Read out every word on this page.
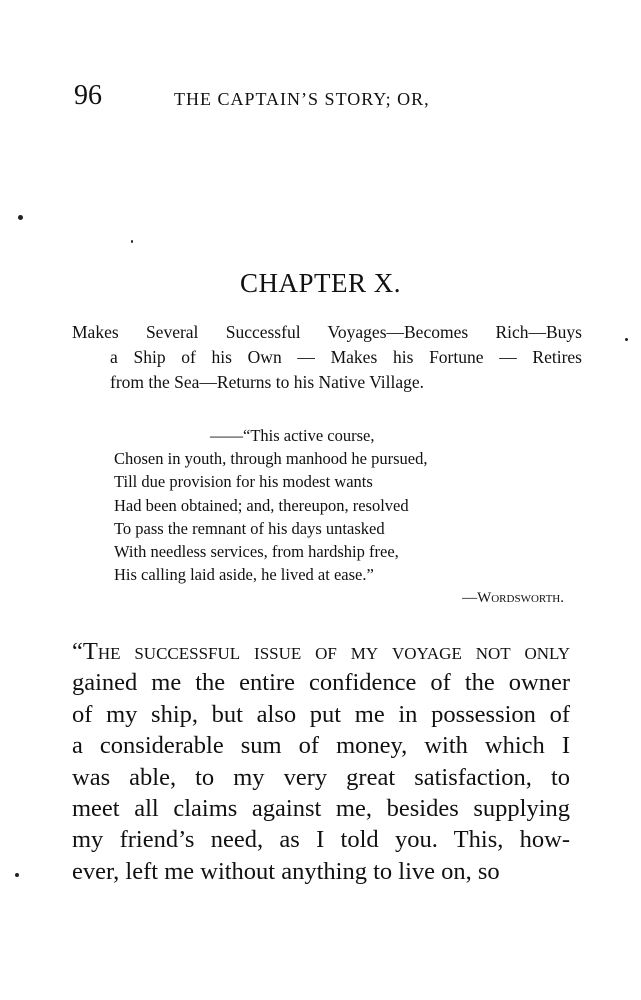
96	THE CAPTAIN’S STORY; OR,
CHAPTER X.
Makes Several Successful Voyages—Becomes Rich—Buys
a Ship of his Own — Makes his Fortune — Retires
from the Sea—Returns to his Native Village.
——“This active course,
Chosen in youth, through manhood he pursued,
Till due provision for his modest wants
Had been obtained; and, thereupon, resolved
To pass the remnant of his days untasked
With needless services, from hardship free,
His calling laid aside, he lived at ease.”
—Wordsworth.
“The successful issue of my voyage not only
gained me the entire confidence of the owner
of my ship, but also put me in possession of
a considerable sum of money, with which I
was able, to my very great satisfaction, to
meet all claims against me, besides supplying
my friend’s need, as I told you. This, how-
ever, left me without anything to live on, so
